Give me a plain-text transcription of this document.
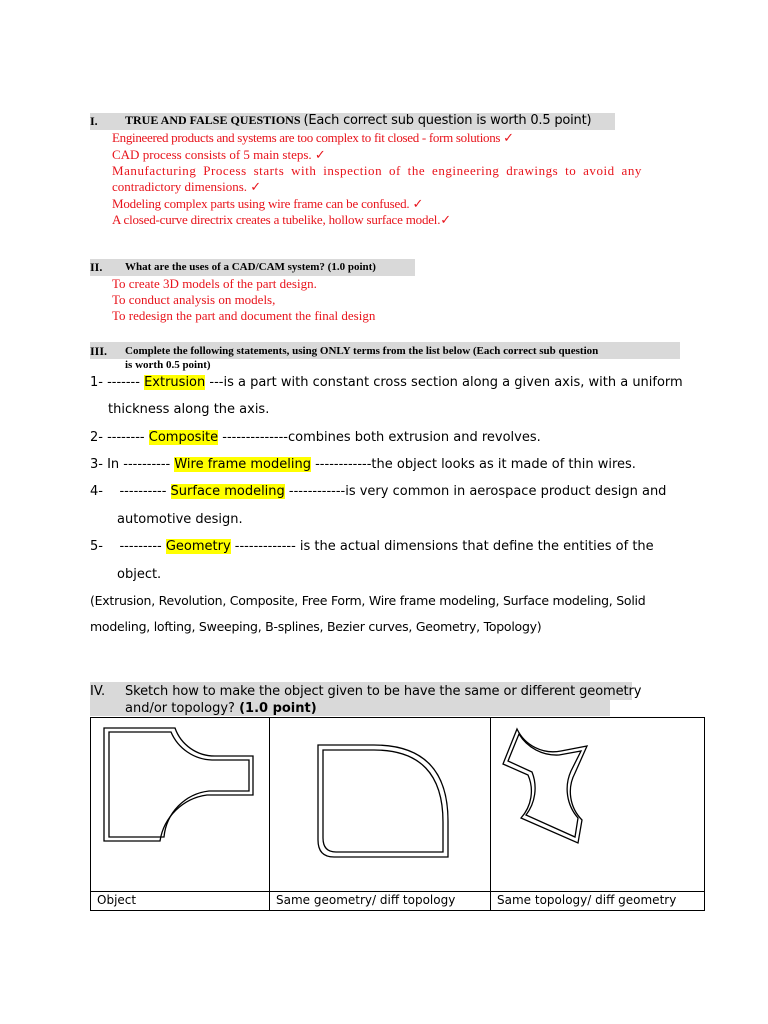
I. TRUE AND FALSE QUESTIONS (Each correct sub question is worth 0.5 point)
Engineered products and systems are too complex to fit closed - form solutions ✓
CAD process consists of 5 main steps. ✓
Manufacturing Process starts with inspection of the engineering drawings to avoid any
contradictory dimensions. ✓
Modeling complex parts using wire frame can be confused. ✓
A closed-curve directrix creates a tubelike, hollow surface model.✓
II. What are the uses of a CAD/CAM system? (1.0 point)
To create 3D models of the part design.
To conduct analysis on models,
To redesign the part and document the final design
III. Complete the following statements, using ONLY terms from the list below (Each correct sub question
is worth 0.5 point)
1- ------- Extrusion ---is a part with constant cross section along a given axis, with a uniform
thickness along the axis.
2- -------- Composite --------------combines both extrusion and revolves.
3- In ---------- Wire frame modeling ------------the object looks as it made of thin wires.
4-    ---------- Surface modeling ------------is very common in aerospace product design and
automotive design.
5-    --------- Geometry ------------- is the actual dimensions that define the entities of the
object.
(Extrusion, Revolution, Composite, Free Form, Wire frame modeling, Surface modeling, Solid
modeling, lofting, Sweeping, B-splines, Bezier curves, Geometry, Topology)
IV. Sketch how to make the object given to be have the same or different geometry
and/or topology? (1.0 point)

Object	Same geometry/ diff topology	Same topology/ diff geometry
